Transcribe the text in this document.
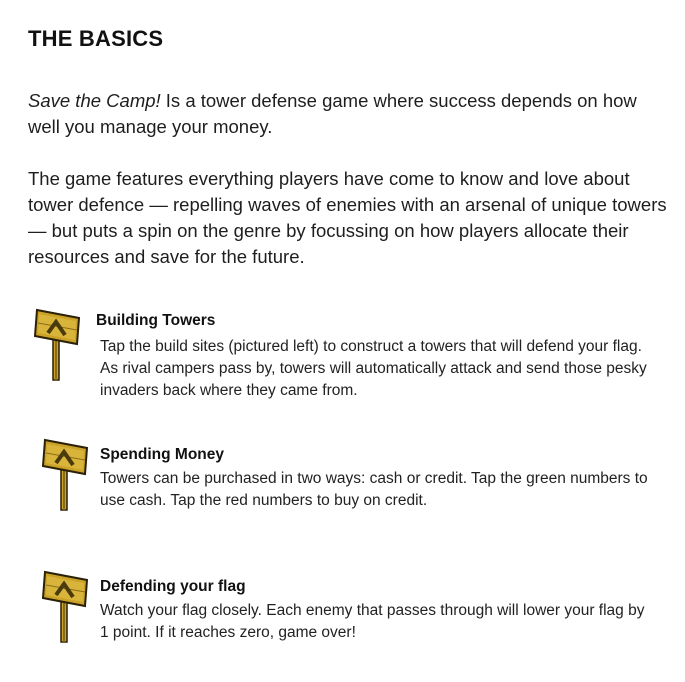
THE BASICS

Save the Camp! Is a tower defense game where success depends on how well you manage your money.

The game features everything players have come to know and love about tower defence — repelling waves of enemies with an arsenal of unique towers — but puts a spin on the genre by focussing on how players allocate their resources and save for the future.

Building Towers

Tap the build sites (pictured left) to construct a towers that will defend your flag. As rival campers pass by, towers will automatically attack and send those pesky invaders back where they came from.

Spending Money

Towers can be purchased in two ways: cash or credit. Tap the green numbers to use cash. Tap the red numbers to buy on credit.

Defending your flag

Watch your flag closely. Each enemy that passes through will lower your flag by 1 point. If it reaches zero, game over!
